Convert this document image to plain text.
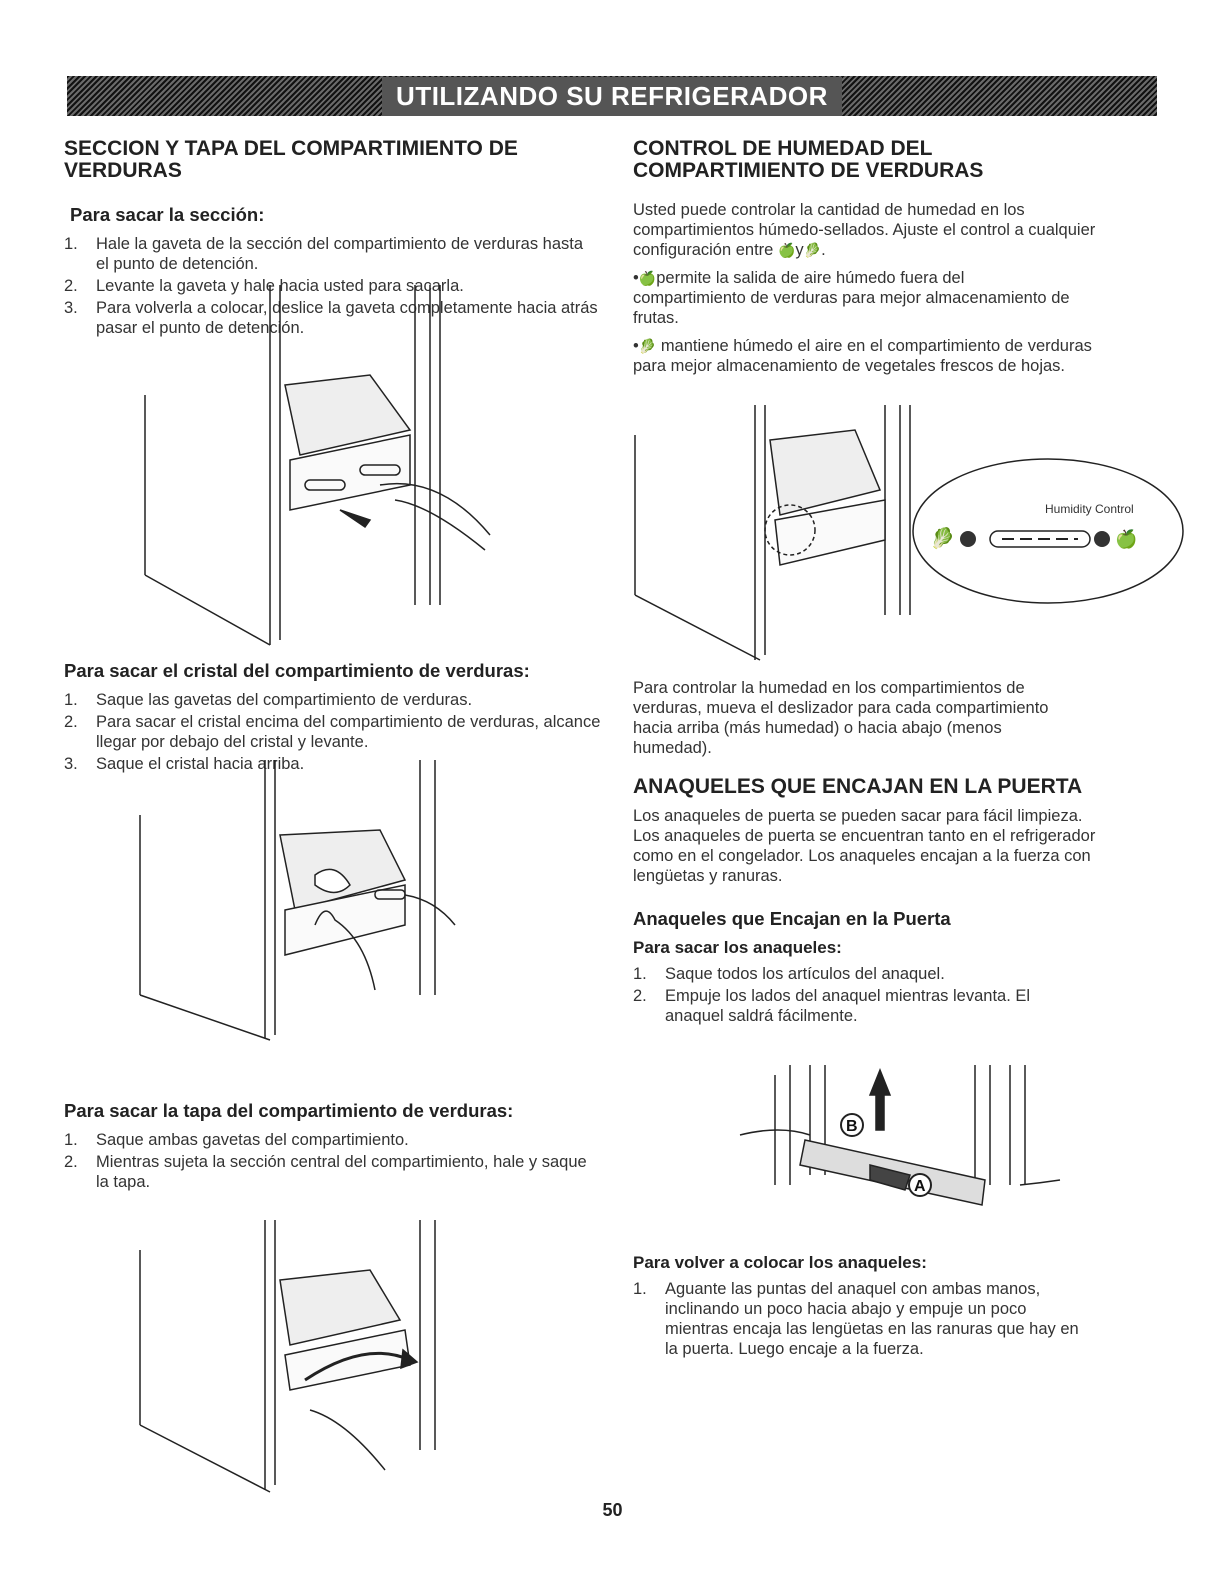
UTILIZANDO SU REFRIGERADOR
SECCION Y TAPA DEL COMPARTIMIENTO DE VERDURAS
Para sacar la sección:
1.	Hale la gaveta de la sección del compartimiento de verduras hasta el punto de detención.
2.	Levante la gaveta y hale hacia usted para sacarla.
3.	Para volverla a colocar, deslice la gaveta completamente hacia atrás pasar el punto de detención.
Para sacar el cristal del compartimiento de verduras:
1.	Saque las gavetas del compartimiento de verduras.
2.	Para sacar el cristal encima del compartimiento de verduras, alcance llegar por debajo del cristal y levante.
3.	Saque el cristal hacia arriba.
Para sacar la tapa del compartimiento de verduras:
1.	Saque ambas gavetas del compartimiento.
2.	Mientras sujeta la sección central del compartimiento, hale y saque la tapa.
CONTROL DE HUMEDAD DEL COMPARTIMIENTO DE VERDURAS

Usted puede controlar la cantidad de humedad en los compartimientos húmedo-sellados. Ajuste el control a cualquier configuración entre 🍏y🥬.

•🍏permite la salida de aire húmedo fuera del compartimiento de verduras para mejor almacenamiento de frutas.

•🥬 mantiene húmedo el aire en el compartimiento de verduras para mejor almacenamiento de vegetales frescos de hojas.

Humidity Control
🥬	🍏

Para controlar la humedad en los compartimientos de verduras, mueva el deslizador para cada compartimiento hacia arriba (más humedad) o hacia abajo (menos humedad).

ANAQUELES QUE ENCAJAN EN LA PUERTA

Los anaqueles de puerta se pueden sacar para fácil limpieza. Los anaqueles de puerta se encuentran tanto en el refrigerador como en el congelador. Los anaqueles encajan a la fuerza con lengüetas y ranuras.

Anaqueles que Encajan en la Puerta
Para sacar los anaqueles:
1.	Saque todos los artículos del anaquel.
2.	Empuje los lados del anaquel mientras levanta. El anaquel saldrá fácilmente.
B
A
Para volver a colocar los anaqueles:
1.	Aguante las puntas del anaquel con ambas manos, inclinando un poco hacia abajo y empuje un poco mientras encaja las lengüetas en las ranuras que hay en la puerta. Luego encaje a la fuerza.
50
